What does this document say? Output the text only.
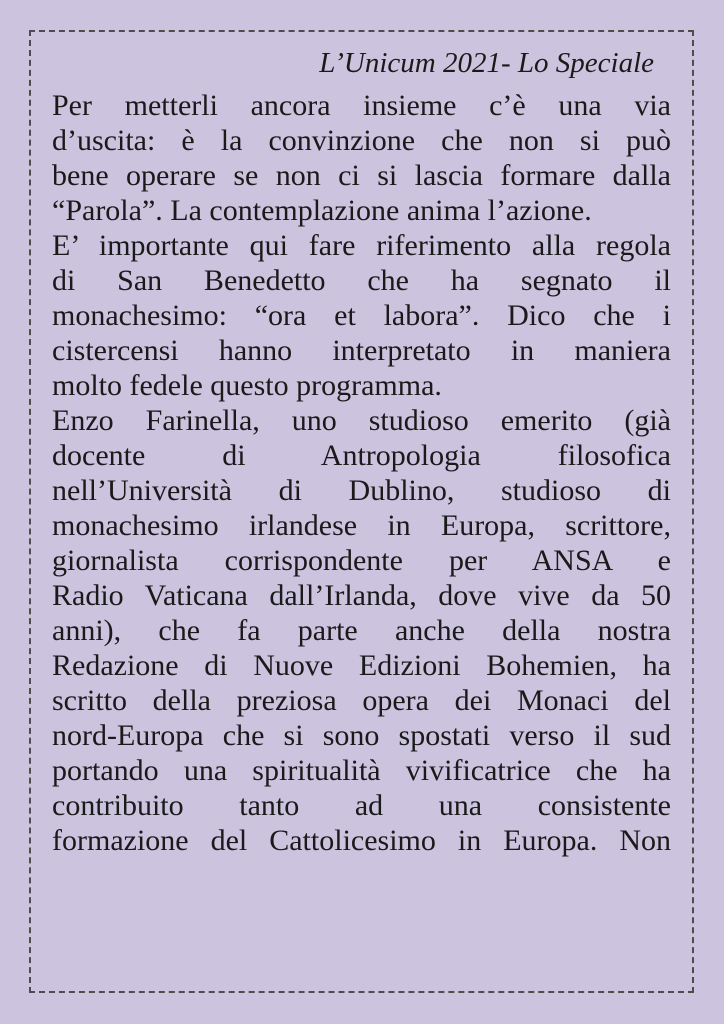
L’Unicum 2021- Lo Speciale
Per metterli ancora insieme c’è una via
d’uscita: è la convinzione che non si può
bene operare se non ci si lascia formare dalla
“Parola”. La contemplazione anima l’azione.
E’ importante qui fare riferimento alla regola
di San Benedetto che ha segnato il
monachesimo: “ora et labora”. Dico che i
cistercensi hanno interpretato in maniera
molto fedele questo programma.
Enzo Farinella, uno studioso emerito (già
docente di Antropologia filosofica
nell’Università di Dublino, studioso di
monachesimo irlandese in Europa, scrittore,
giornalista corrispondente per ANSA e
Radio Vaticana dall’Irlanda, dove vive da 50
anni), che fa parte anche della nostra
Redazione di Nuove Edizioni Bohemien, ha
scritto della preziosa opera dei Monaci del
nord-Europa che si sono spostati verso il sud
portando una spiritualità vivificatrice che ha
contribuito tanto ad una consistente
formazione del Cattolicesimo in Europa. Non
